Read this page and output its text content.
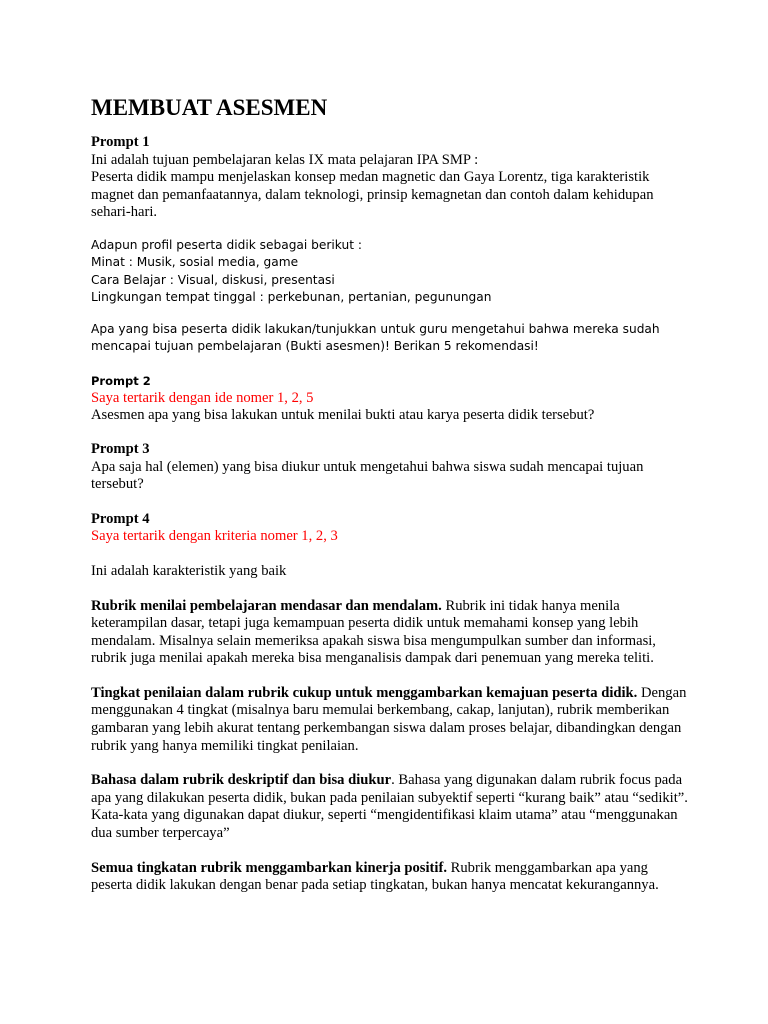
MEMBUAT ASESMEN

Prompt 1

Ini adalah tujuan pembelajaran kelas IX mata pelajaran IPA SMP :

Peserta didik mampu menjelaskan konsep medan magnetic dan Gaya Lorentz, tiga karakteristik magnet dan pemanfaatannya, dalam teknologi, prinsip kemagnetan dan contoh dalam kehidupan sehari-hari.

Adapun profil peserta didik sebagai berikut :

Minat : Musik, sosial media, game

Cara Belajar : Visual, diskusi, presentasi

Lingkungan tempat tinggal : perkebunan, pertanian, pegunungan

Apa yang bisa peserta didik lakukan/tunjukkan untuk guru mengetahui bahwa mereka sudah mencapai tujuan pembelajaran (Bukti asesmen)! Berikan 5 rekomendasi!

Prompt 2

Saya tertarik dengan ide nomer 1, 2, 5

Asesmen apa yang bisa lakukan untuk menilai bukti atau karya peserta didik tersebut?

Prompt 3

Apa saja hal (elemen) yang bisa diukur untuk mengetahui bahwa siswa sudah mencapai tujuan tersebut?

Prompt 4

Saya tertarik dengan kriteria nomer 1, 2, 3

Ini adalah karakteristik yang baik

Rubrik menilai pembelajaran mendasar dan mendalam. Rubrik ini tidak hanya menila keterampilan dasar, tetapi juga kemampuan peserta didik untuk memahami konsep yang lebih mendalam. Misalnya selain memeriksa apakah siswa bisa mengumpulkan sumber dan informasi, rubrik juga menilai apakah mereka bisa menganalisis dampak dari penemuan yang mereka teliti.

Tingkat penilaian dalam rubrik cukup untuk menggambarkan kemajuan peserta didik. Dengan menggunakan 4 tingkat (misalnya baru memulai berkembang, cakap, lanjutan), rubrik memberikan gambaran yang lebih akurat tentang perkembangan siswa dalam proses belajar, dibandingkan dengan rubrik yang hanya memiliki tingkat penilaian.

Bahasa dalam rubrik deskriptif dan bisa diukur. Bahasa yang digunakan dalam rubrik focus pada apa yang dilakukan peserta didik, bukan pada penilaian subyektif seperti “kurang baik” atau “sedikit”. Kata-kata yang digunakan dapat diukur, seperti “mengidentifikasi klaim utama” atau “menggunakan dua sumber terpercaya”

Semua tingkatan rubrik menggambarkan kinerja positif. Rubrik menggambarkan apa yang peserta didik lakukan dengan benar pada setiap tingkatan, bukan hanya mencatat kekurangannya.
